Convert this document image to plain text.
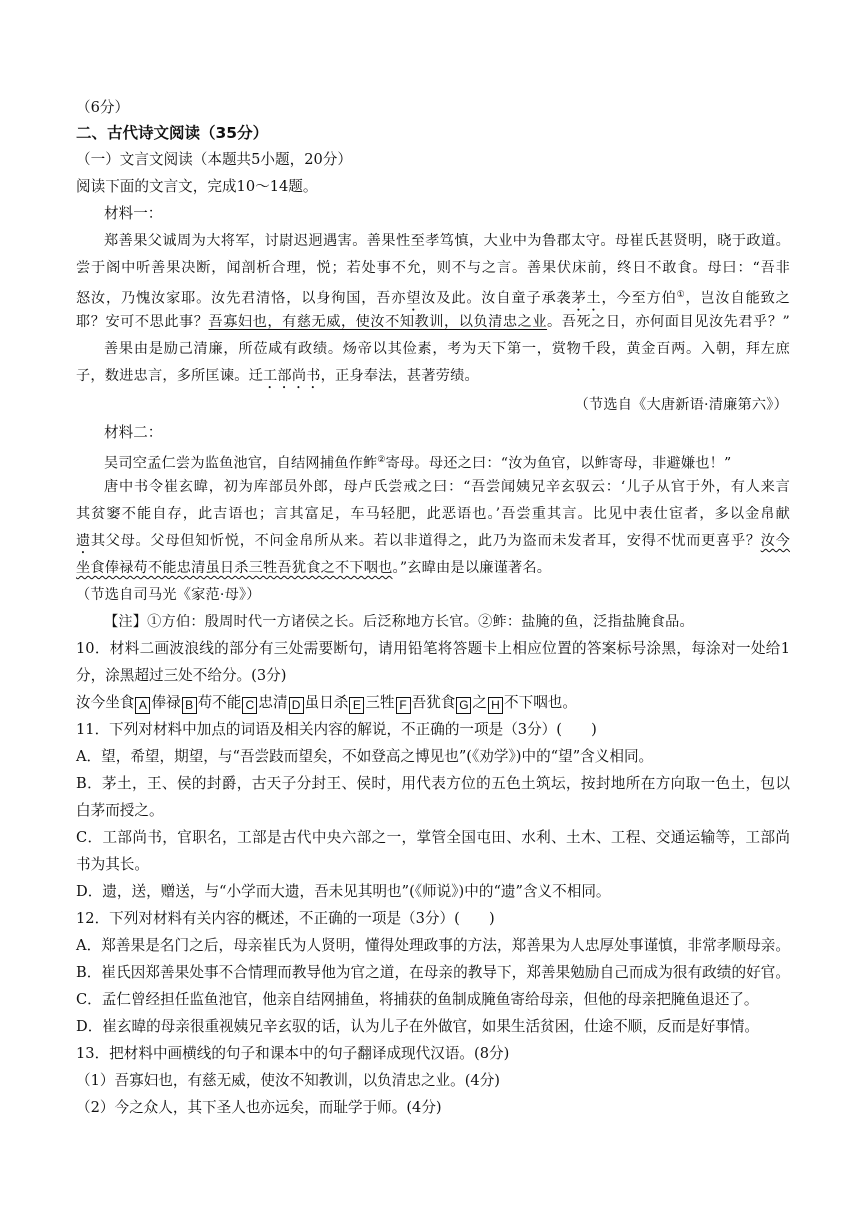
（6分）
二、古代诗文阅读（35分）
（一）文言文阅读（本题共5小题，20分）
阅读下面的文言文，完成10～14题。
材料一：
郑善果父诚周为大将军，讨尉迟迥遇害。善果性至孝笃慎，大业中为鲁郡太守。母崔氏甚贤明，晓于政道。
尝于阁中听善果决断，闻剖析合理，悦；若处事不允，则不与之言。善果伏床前，终日不敢食。母曰：“吾非
怒汝，乃愧汝家耶。汝先君清恪，以身徇国，吾亦望汝及此。汝自童子承袭茅土，今至方伯①，岂汝自能致之
耶？安可不思此事？吾寡妇也，有慈无威，使汝不知教训，以负清忠之业。吾死之日，亦何面目见汝先君乎？”
善果由是励己清廉，所莅咸有政绩。炀帝以其俭素，考为天下第一，赏物千段，黄金百两。入朝，拜左庶
子，数进忠言，多所匡谏。迁工部尚书，正身奉法，甚著劳绩。
（节选自《大唐新语·清廉第六》）
材料二：
吴司空孟仁尝为监鱼池官，自结网捕鱼作鲊②寄母。母还之曰：“汝为鱼官，以鲊寄母，非避嫌也！”
唐中书令崔玄暐，初为库部员外郎，母卢氏尝戒之曰：“吾尝闻姨兄辛玄驭云：‘儿子从官于外，有人来言
其贫窭不能自存，此吉语也；言其富足，车马轻肥，此恶语也。’吾尝重其言。比见中表仕宦者，多以金帛献
遗其父母。父母但知忻悦，不问金帛所从来。若以非道得之，此乃为盗而未发者耳，安得不忧而更喜乎？汝今
坐食俸禄苟不能忠清虽日杀三牲吾犹食之不下咽也。”玄暐由是以廉谨著名。
（节选自司马光《家范·母》）
【注】①方伯：殷周时代一方诸侯之长。后泛称地方长官。②鲊：盐腌的鱼，泛指盐腌食品。
10．材料二画波浪线的部分有三处需要断句，请用铅笔将答题卡上相应位置的答案标号涂黑，每涂对一处给1
分，涂黑超过三处不给分。(3分)
汝今坐食 A 俸禄 B 苟不能 C 忠清 D 虽日杀 E 三牲 F 吾犹食 G 之 H 不下咽也。
11．下列对材料中加点的词语及相关内容的解说，不正确的一项是（3分）(　　)
A．望，希望，期望，与“吾尝跂而望矣，不如登高之博见也”(《劝学》)中的“望”含义相同。
B．茅土，王、侯的封爵，古天子分封王、侯时，用代表方位的五色土筑坛，按封地所在方向取一色土，包以
白茅而授之。
C．工部尚书，官职名，工部是古代中央六部之一，掌管全国屯田、水利、土木、工程、交通运输等，工部尚
书为其长。
D．遗，送，赠送，与“小学而大遗，吾未见其明也”(《师说》)中的“遗”含义不相同。
12．下列对材料有关内容的概述，不正确的一项是（3分）(　　)
A．郑善果是名门之后，母亲崔氏为人贤明，懂得处理政事的方法，郑善果为人忠厚处事谨慎，非常孝顺母亲。
B．崔氏因郑善果处事不合情理而教导他为官之道，在母亲的教导下，郑善果勉励自己而成为很有政绩的好官。
C．孟仁曾经担任监鱼池官，他亲自结网捕鱼，将捕获的鱼制成腌鱼寄给母亲，但他的母亲把腌鱼退还了。
D．崔玄暐的母亲很重视姨兄辛玄驭的话，认为儿子在外做官，如果生活贫困，仕途不顺，反而是好事情。
13．把材料中画横线的句子和课本中的句子翻译成现代汉语。(8分)
（1）吾寡妇也，有慈无威，使汝不知教训，以负清忠之业。(4分)
（2）今之众人，其下圣人也亦远矣，而耻学于师。(4分)
